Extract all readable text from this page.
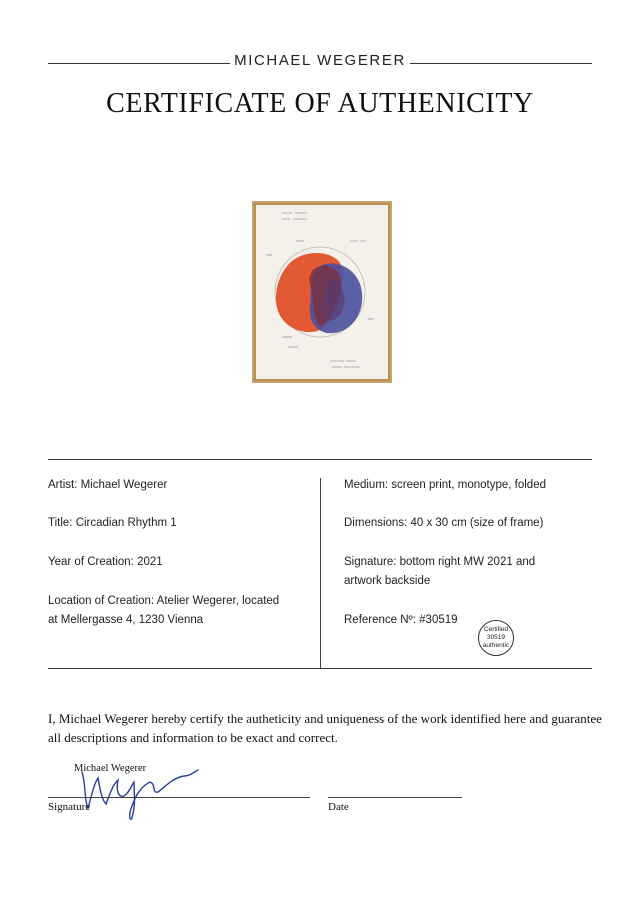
MICHAEL WEGERER
CERTIFICATE OF AUTHENICITY
Artist: Michael Wegerer
Title: Circadian Rhythm 1
Year of Creation: 2021
Location of Creation: Atelier Wegerer, located
at Mellergasse 4, 1230 Vienna
Medium: screen print, monotype, folded
Dimensions: 40 x 30 cm (size of frame)
Signature: bottom right MW 2021 and
artwork backside
Reference Nº: #30519
Certified
30519
authentic
I, Michael Wegerer hereby certify the autheticity and uniqueness of the work identified here and guarantee all descriptions and information to be exact and correct.
Michael Wegerer
Signature	Date
